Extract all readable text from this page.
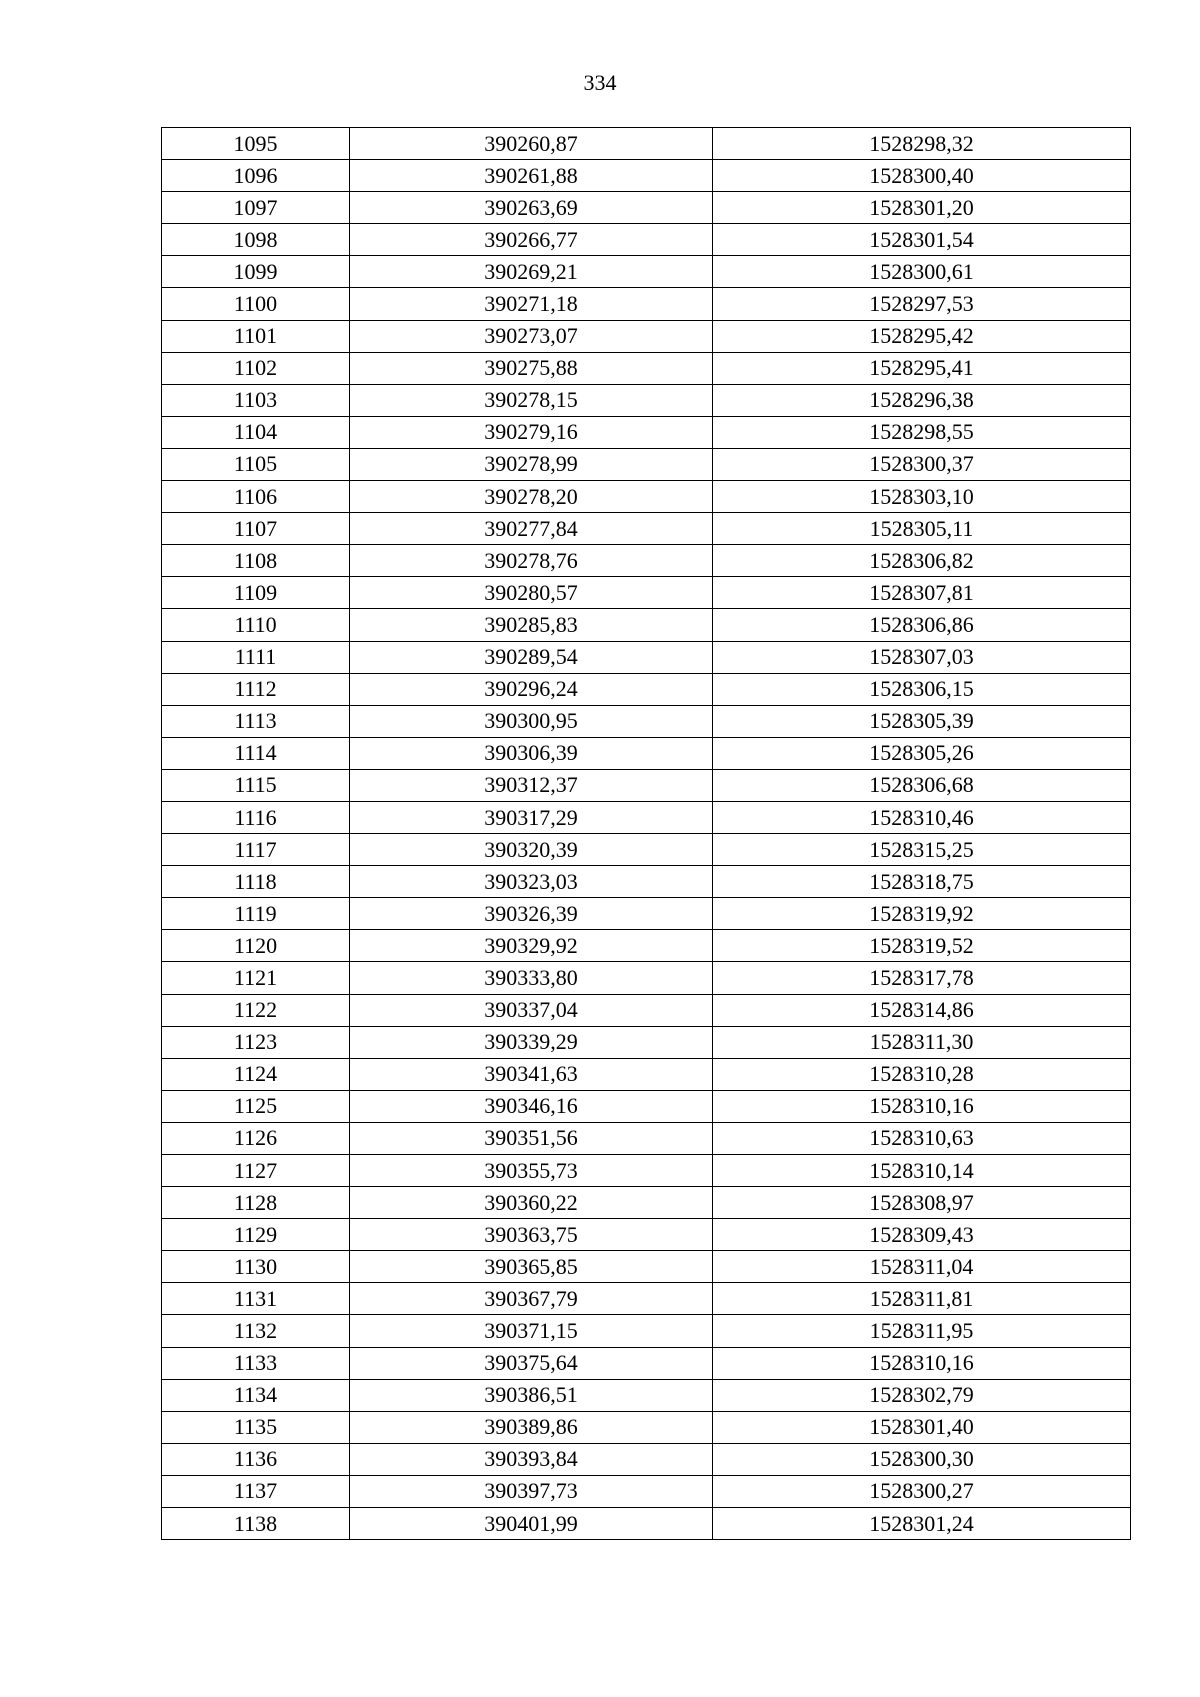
334
1095	390260,87	1528298,32
1096	390261,88	1528300,40
1097	390263,69	1528301,20
1098	390266,77	1528301,54
1099	390269,21	1528300,61
1100	390271,18	1528297,53
1101	390273,07	1528295,42
1102	390275,88	1528295,41
1103	390278,15	1528296,38
1104	390279,16	1528298,55
1105	390278,99	1528300,37
1106	390278,20	1528303,10
1107	390277,84	1528305,11
1108	390278,76	1528306,82
1109	390280,57	1528307,81
1110	390285,83	1528306,86
1111	390289,54	1528307,03
1112	390296,24	1528306,15
1113	390300,95	1528305,39
1114	390306,39	1528305,26
1115	390312,37	1528306,68
1116	390317,29	1528310,46
1117	390320,39	1528315,25
1118	390323,03	1528318,75
1119	390326,39	1528319,92
1120	390329,92	1528319,52
1121	390333,80	1528317,78
1122	390337,04	1528314,86
1123	390339,29	1528311,30
1124	390341,63	1528310,28
1125	390346,16	1528310,16
1126	390351,56	1528310,63
1127	390355,73	1528310,14
1128	390360,22	1528308,97
1129	390363,75	1528309,43
1130	390365,85	1528311,04
1131	390367,79	1528311,81
1132	390371,15	1528311,95
1133	390375,64	1528310,16
1134	390386,51	1528302,79
1135	390389,86	1528301,40
1136	390393,84	1528300,30
1137	390397,73	1528300,27
1138	390401,99	1528301,24
